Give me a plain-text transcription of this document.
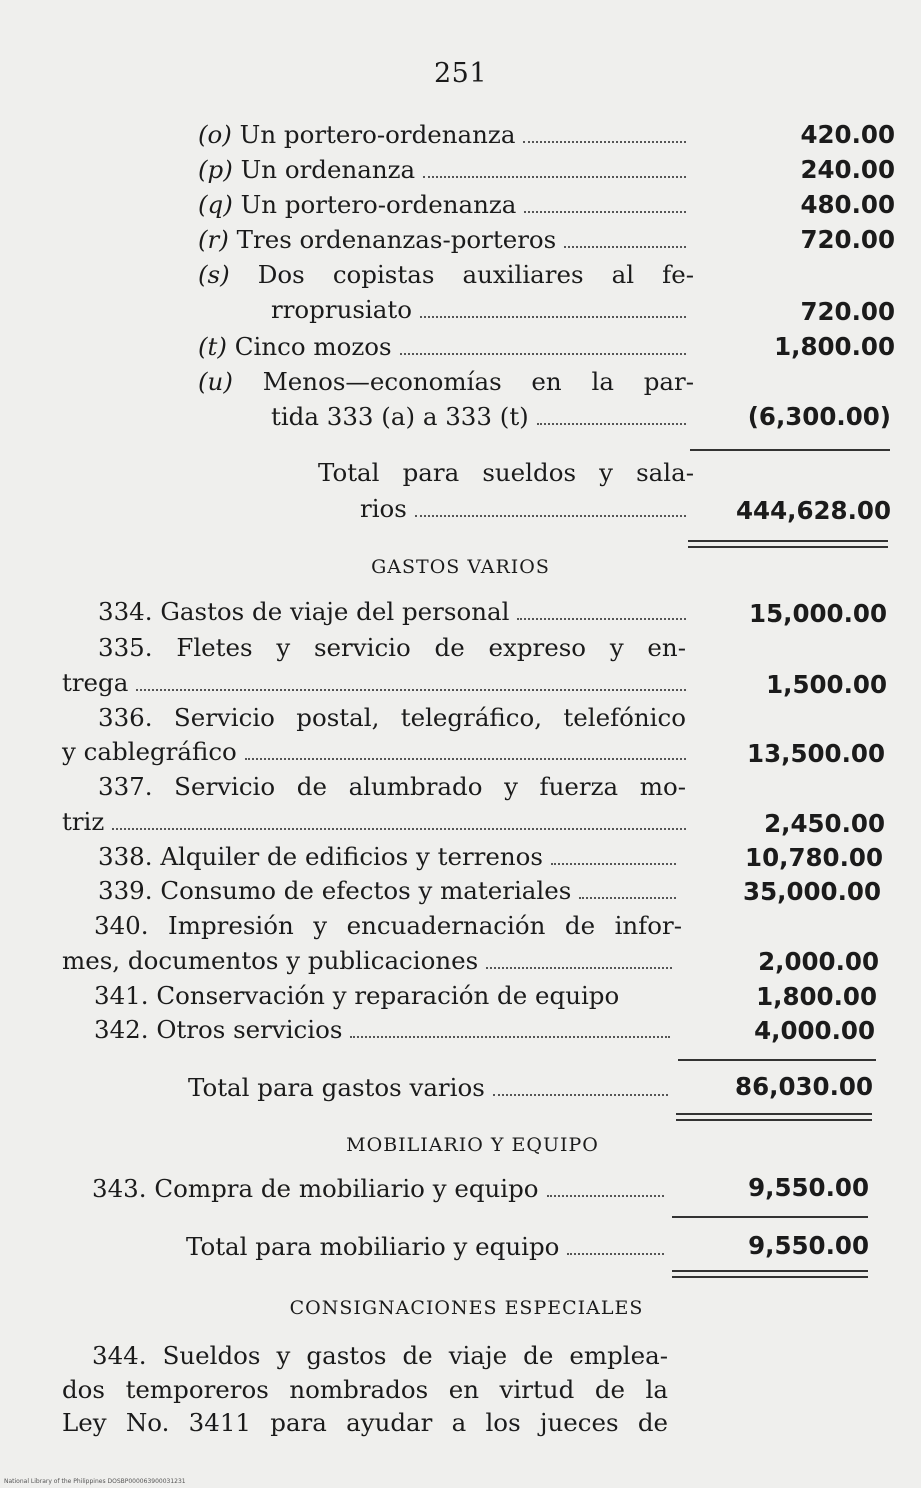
251
(o) Un portero-ordenanza	420.00
(p) Un ordenanza	240.00
(q) Un portero-ordenanza	480.00
(r) Tres ordenanzas-porteros	720.00
(s) Dos copistas auxiliares al fe-
rroprusiato	720.00
(t) Cinco mozos	1,800.00
(u) Menos—economías en la par-
tida 333 (a) a 333 (t)	(6,300.00)
Total para sueldos y sala-
rios	444,628.00
GASTOS VARIOS
334. Gastos de viaje del personal	15,000.00
335. Fletes y servicio de expreso y en-
trega	1,500.00
336. Servicio postal, telegráfico, telefónico
y cablegráfico	13,500.00
337. Servicio de alumbrado y fuerza mo-
triz	2,450.00
338. Alquiler de edificios y terrenos	10,780.00
339. Consumo de efectos y materiales	35,000.00
340. Impresión y encuadernación de infor-
mes, documentos y publicaciones	2,000.00
341. Conservación y reparación de equipo	1,800.00
342. Otros servicios	4,000.00
Total para gastos varios	86,030.00
MOBILIARIO Y EQUIPO
343. Compra de mobiliario y equipo	9,550.00
Total para mobiliario y equipo	9,550.00
CONSIGNACIONES ESPECIALES
344. Sueldos y gastos de viaje de emplea-
dos temporeros nombrados en virtud de la
Ley No. 3411 para ayudar a los jueces de
National Library of the Philippines DOSBP000063900031231
